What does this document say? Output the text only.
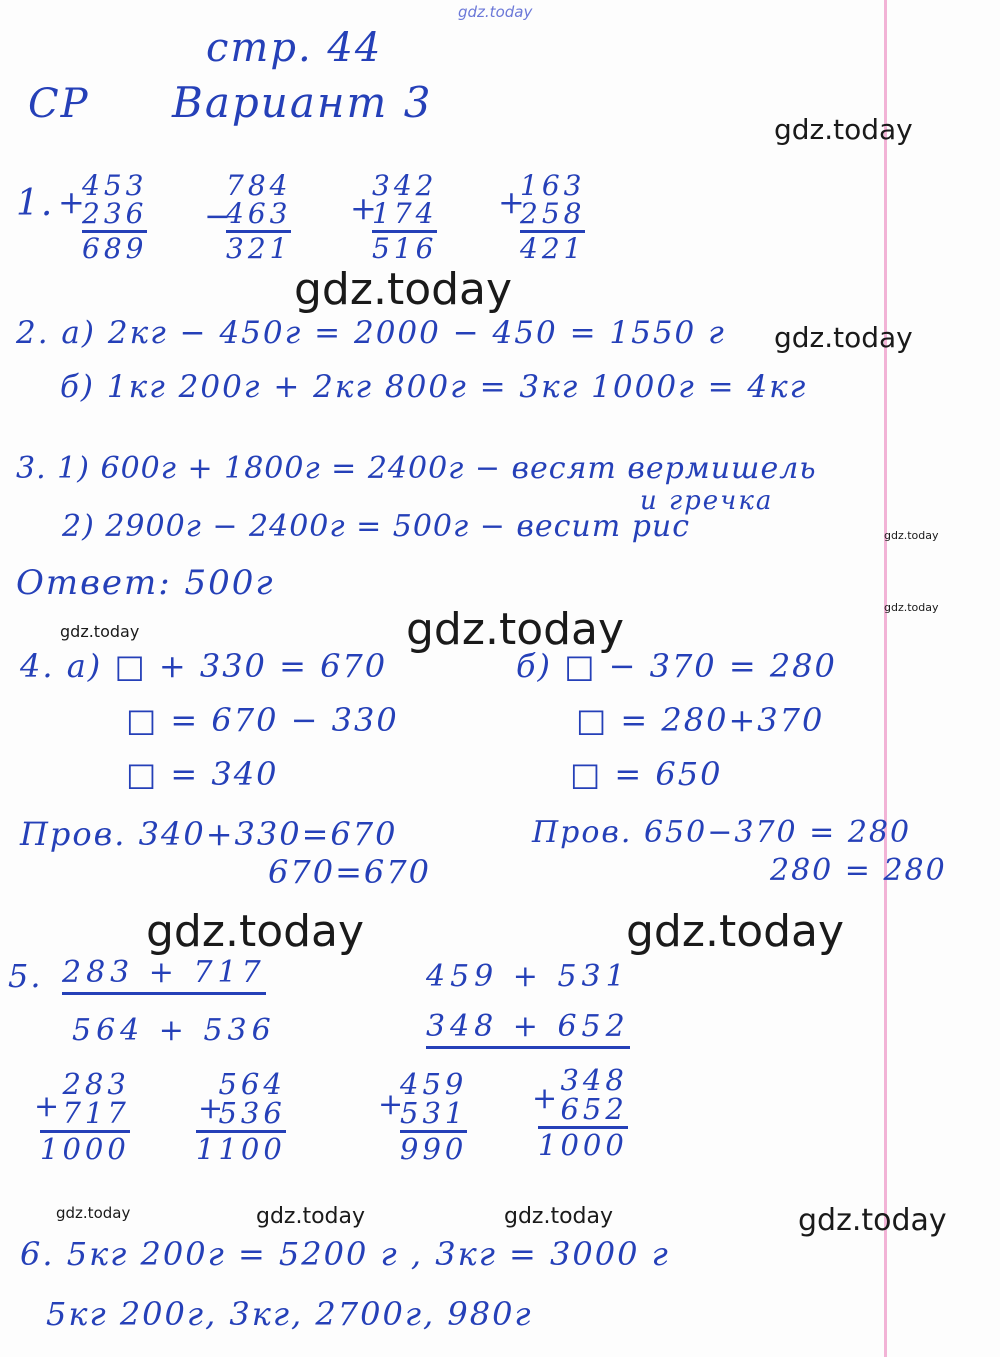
gdz.today
gdz.today
gdz.today
gdz.today
gdz.today
gdz.today
gdz.today	gdz.today
gdz.today	gdz.today
gdz.today	gdz.today	gdz.today	gdz.today
стр. 44
СР Вариант 3
1. +
453
236
689
−
784
463
321
+
342
174
516
+
163
258
421
2. а) 2кг − 450г = 2000 − 450 = 1550 г
б) 1кг 200г + 2кг 800г = 3кг 1000г = 4кг
3. 1) 600г + 1800г = 2400г − весят вермишель
и гречка
2) 2900г − 2400г = 500г − весит рис
Ответ: 500г
4. а) □ + 330 = 670
□ = 670 − 330
□ = 340
Пров. 340+330=670
670=670
б) □ − 370 = 280
□ = 280+370
□ = 650
Пров. 650−370 = 280
280 = 280
5. 283 + 717
564 + 536
459 + 531
348 + 652
+
283
717
1000
+
564
536
1100
+
459
531
990
+
348
652
1000
6. 5кг 200г = 5200 г , 3кг = 3000 г
5кг 200г, 3кг, 2700г, 980г
